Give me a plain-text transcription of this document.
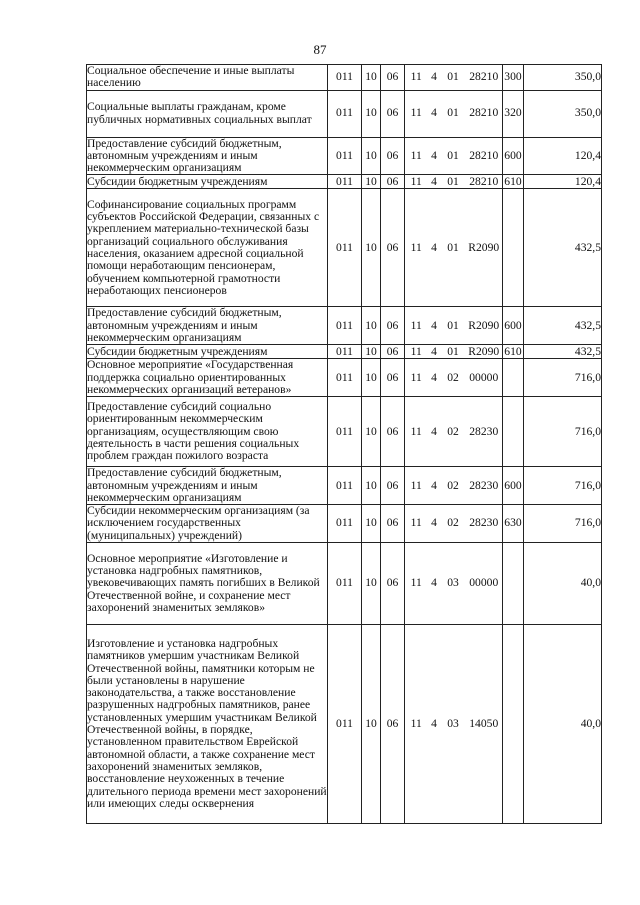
87
Социальное обеспечение и иные выплаты населению	011	10	06	11	4	01	28210	300	350,0
Социальные выплаты гражданам, кроме публичных нормативных социальных выплат	011	10	06	11	4	01	28210	320	350,0
Предоставление субсидий бюджетным, автономным учреждениям и иным некоммерческим организациям	011	10	06	11	4	01	28210	600	120,4
Субсидии бюджетным учреждениям	011	10	06	11	4	01	28210	610	120,4
Софинансирование социальных программ субъектов Российской Федерации, связанных с укреплением материально-технической базы организаций социального обслуживания населения, оказанием адресной социальной помощи неработающим пенсионерам, обучением компьютерной грамотности неработающих пенсионеров	011	10	06	11	4	01	R2090		432,5
Предоставление субсидий бюджетным, автономным учреждениям и иным некоммерческим организациям	011	10	06	11	4	01	R2090	600	432,5
Субсидии бюджетным учреждениям	011	10	06	11	4	01	R2090	610	432,5
Основное мероприятие «Государственная поддержка социально ориентированных некоммерческих организаций ветеранов»	011	10	06	11	4	02	00000		716,0
Предоставление субсидий социально ориентированным некоммерческим организациям, осуществляющим свою деятельность в части решения социальных проблем граждан пожилого возраста	011	10	06	11	4	02	28230		716,0
Предоставление субсидий бюджетным, автономным учреждениям и иным некоммерческим организациям	011	10	06	11	4	02	28230	600	716,0
Субсидии некоммерческим организациям (за исключением государственных (муниципальных) учреждений)	011	10	06	11	4	02	28230	630	716,0
Основное мероприятие «Изготовление и установка надгробных памятников, увековечивающих память погибших в Великой Отечественной войне, и сохранение мест захоронений знаменитых земляков»	011	10	06	11	4	03	00000		40,0
Изготовление и установка надгробных памятников умершим участникам Великой Отечественной войны, памятники которым не были установлены в нарушение законодательства, а также восстановление разрушенных надгробных памятников, ранее установленных умершим участникам Великой Отечественной войны, в порядке, установленном правительством Еврейской автономной области, а также сохранение мест захоронений знаменитых земляков, восстановление неухоженных в течение длительного периода времени мест захоронений или имеющих следы осквернения	011	10	06	11	4	03	14050		40,0
